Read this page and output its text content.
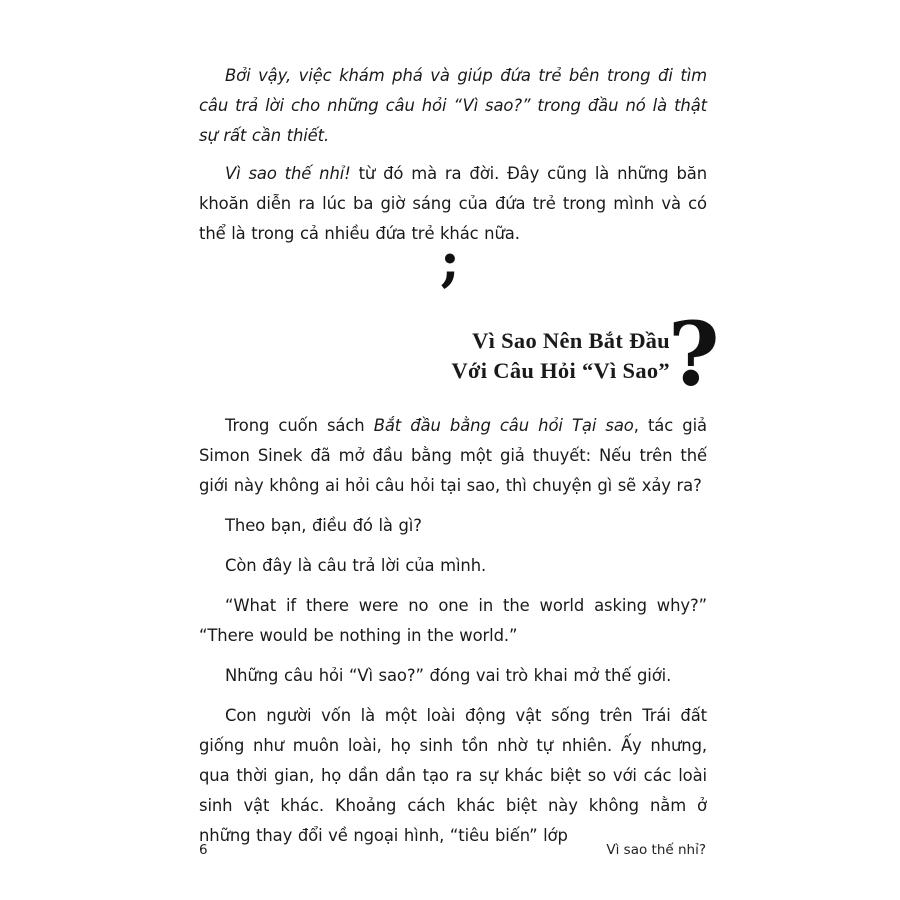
Bởi vậy, việc khám phá và giúp đứa trẻ bên trong đi tìm câu trả lời cho những câu hỏi “Vì sao?” trong đầu nó là thật sự rất cần thiết.

Vì sao thế nhỉ! từ đó mà ra đời. Đây cũng là những băn khoăn diễn ra lúc ba giờ sáng của đứa trẻ trong mình và có thể là trong cả nhiều đứa trẻ khác nữa.

;
Vì Sao Nên Bắt Đầu
Với Câu Hỏi “Vì Sao”
?

Trong cuốn sách Bắt đầu bằng câu hỏi Tại sao, tác giả Simon Sinek đã mở đầu bằng một giả thuyết: Nếu trên thế giới này không ai hỏi câu hỏi tại sao, thì chuyện gì sẽ xảy ra?

Theo bạn, điều đó là gì?

Còn đây là câu trả lời của mình.

“What if there were no one in the world asking why?” “There would be nothing in the world.”

Những câu hỏi “Vì sao?” đóng vai trò khai mở thế giới.

Con người vốn là một loài động vật sống trên Trái đất giống như muôn loài, họ sinh tồn nhờ tự nhiên. Ấy nhưng, qua thời gian, họ dần dần tạo ra sự khác biệt so với các loài sinh vật khác. Khoảng cách khác biệt này không nằm ở những thay đổi về ngoại hình, “tiêu biến” lớp

6	Vì sao thế nhỉ?
